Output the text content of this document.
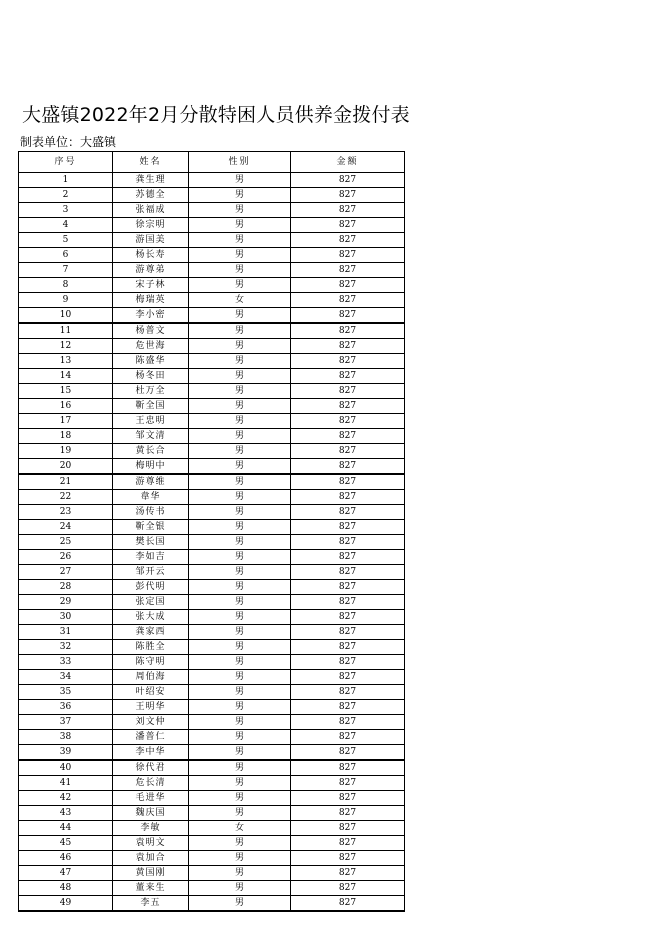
大盛镇2022年2月分散特困人员供养金拨付表
制表单位：大盛镇
序号	姓名	性别	金额
1	龚生理	男	827
2	苏德全	男	827
3	张福成	男	827
4	徐宗明	男	827
5	游国美	男	827
6	杨长寿	男	827
7	游尊弟	男	827
8	宋子林	男	827
9	梅瑞英	女	827
10	李小密	男	827
11	杨普文	男	827
12	危世海	男	827
13	陈盛华	男	827
14	杨冬田	男	827
15	杜万全	男	827
16	靳全国	男	827
17	王忠明	男	827
18	邹文清	男	827
19	黄长合	男	827
20	梅明中	男	827
21	游尊维	男	827
22	韋华	男	827
23	汤传书	男	827
24	靳全银	男	827
25	樊长国	男	827
26	李如吉	男	827
27	邹开云	男	827
28	彭代明	男	827
29	张定国	男	827
30	张大成	男	827
31	龚家西	男	827
32	陈胜全	男	827
33	陈守明	男	827
34	周伯海	男	827
35	叶绍安	男	827
36	王明华	男	827
37	刘文仲	男	827
38	潘普仁	男	827
39	李中华	男	827
40	徐代君	男	827
41	危长清	男	827
42	毛进华	男	827
43	魏庆国	男	827
44	李敏	女	827
45	袁明文	男	827
46	袁加合	男	827
47	黄国刚	男	827
48	董来生	男	827
49	李五	男	827
